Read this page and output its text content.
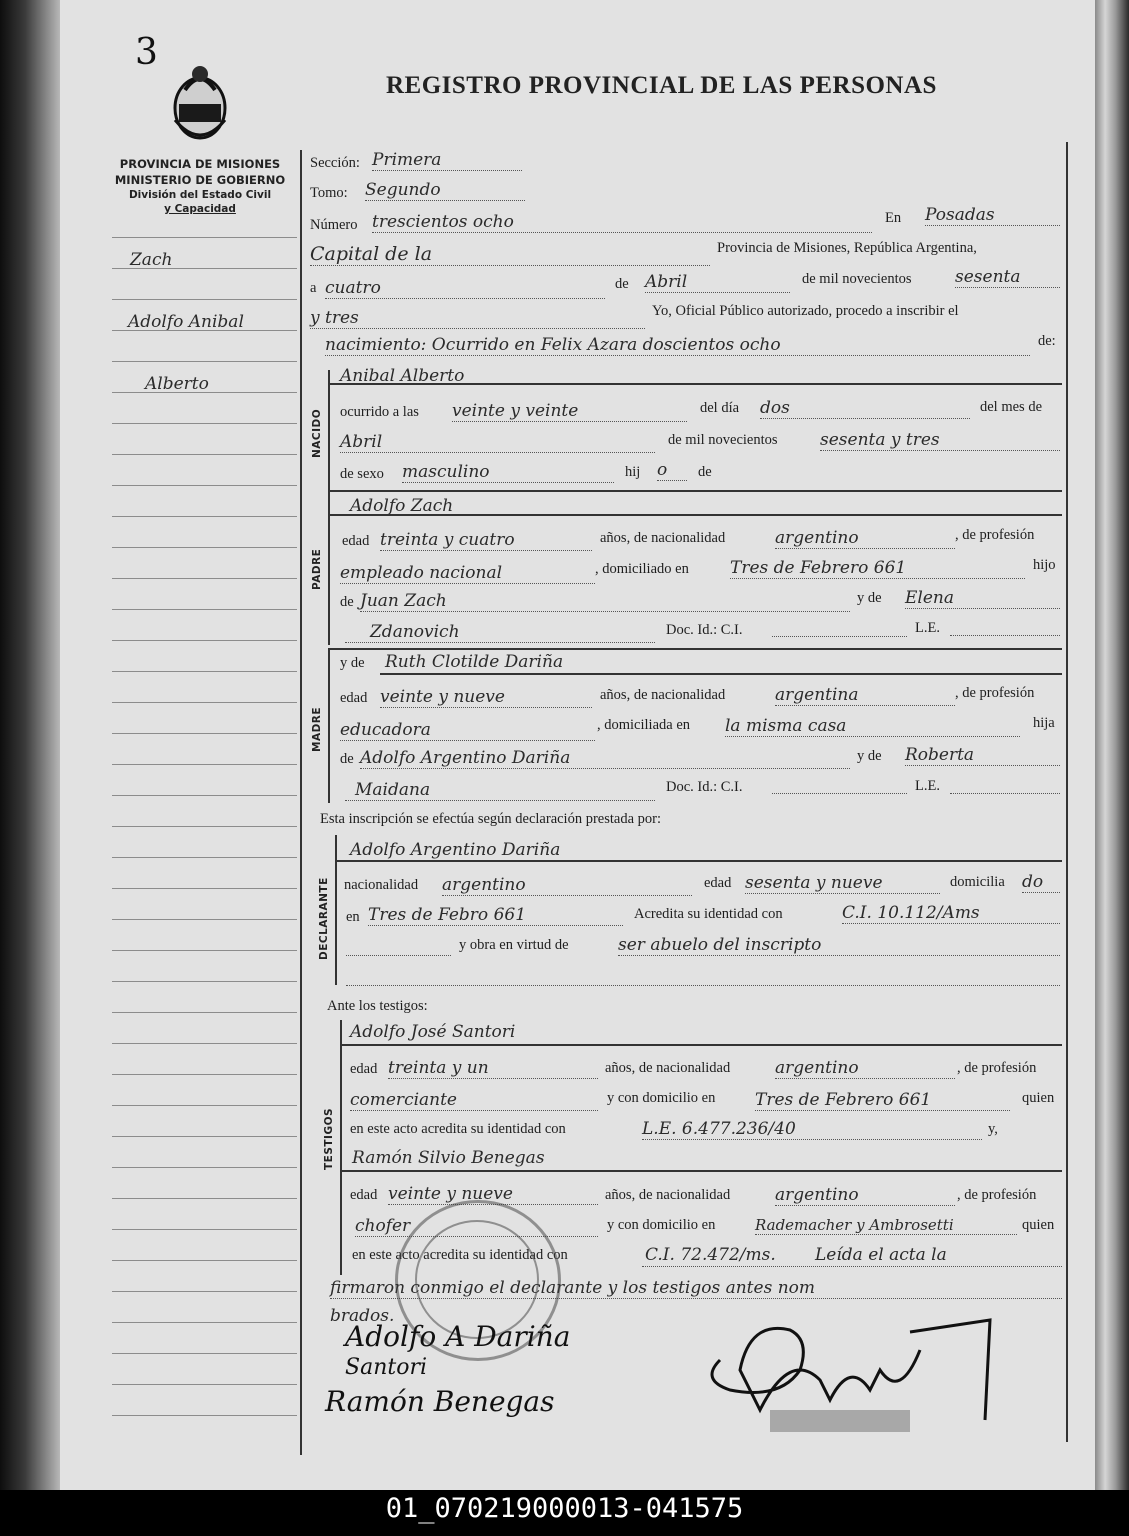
3
REGISTRO PROVINCIAL DE LAS PERSONAS
PROVINCIA DE MISIONES
MINISTERIO DE GOBIERNO
División del Estado Civil
y Capacidad
Zach
Adolfo Anibal
Alberto
Sección: Primera
Tomo: Segundo
Número trescientos ocho	En Posadas
Capital de la	Provincia de Misiones, República Argentina,
a cuatro	de Abril	de mil novecientos	sesenta
y tres	Yo, Oficial Público autorizado, procedo a inscribir el
nacimiento: Ocurrido en Felix Azara doscientos ocho	de:
NACIDO
Anibal Alberto
ocurrido a las veinte y veinte	del día dos	del mes de
Abril	de mil novecientos sesenta y tres
de sexo masculino	hij o	de
PADRE
Adolfo Zach
edad treinta y cuatro	años, de nacionalidad	argentino	, de profesión
empleado nacional	, domiciliado en Tres de Febrero 661	hijo
de Juan Zach	y de Elena
Zdanovich	Doc. Id.: C.I.	L.E.
MADRE
y de Ruth Clotilde Dariña
edad veinte y nueve	años, de nacionalidad	argentina	, de profesión
educadora	, domiciliada en la misma casa	hija
de Adolfo Argentino Dariña	y de Roberta
Maidana	Doc. Id.: C.I.	L.E.
Esta inscripción se efectúa según declaración prestada por:
DECLARANTE
Adolfo Argentino Dariña
nacionalidad argentino	edad sesenta y nueve	domicilia do
en Tres de Febro 661	Acredita su identidad con	C.I. 10.112/Ams
y obra en virtud de	ser abuelo del inscripto
Ante los testigos:
TESTIGOS
Adolfo José Santori
edad treinta y un	años, de nacionalidad	argentino	, de profesión
comerciante	y con domicilio en Tres de Febrero 661	quien
en este acto acredita su identidad con	L.E. 6.477.236/40	y,
Ramón Silvio Benegas
edad veinte y nueve	años, de nacionalidad	argentino	, de profesión
chofer	y con domicilio en	Rademacher y Ambrosetti	quien
en este acto acredita su identidad con	C.I. 72.472/ms. Leída el acta la
firmaron conmigo el declarante y los testigos antes nom
brados.
Adolfo A Dariña
Santori
Ramón Benegas
01_070219000013-041575
